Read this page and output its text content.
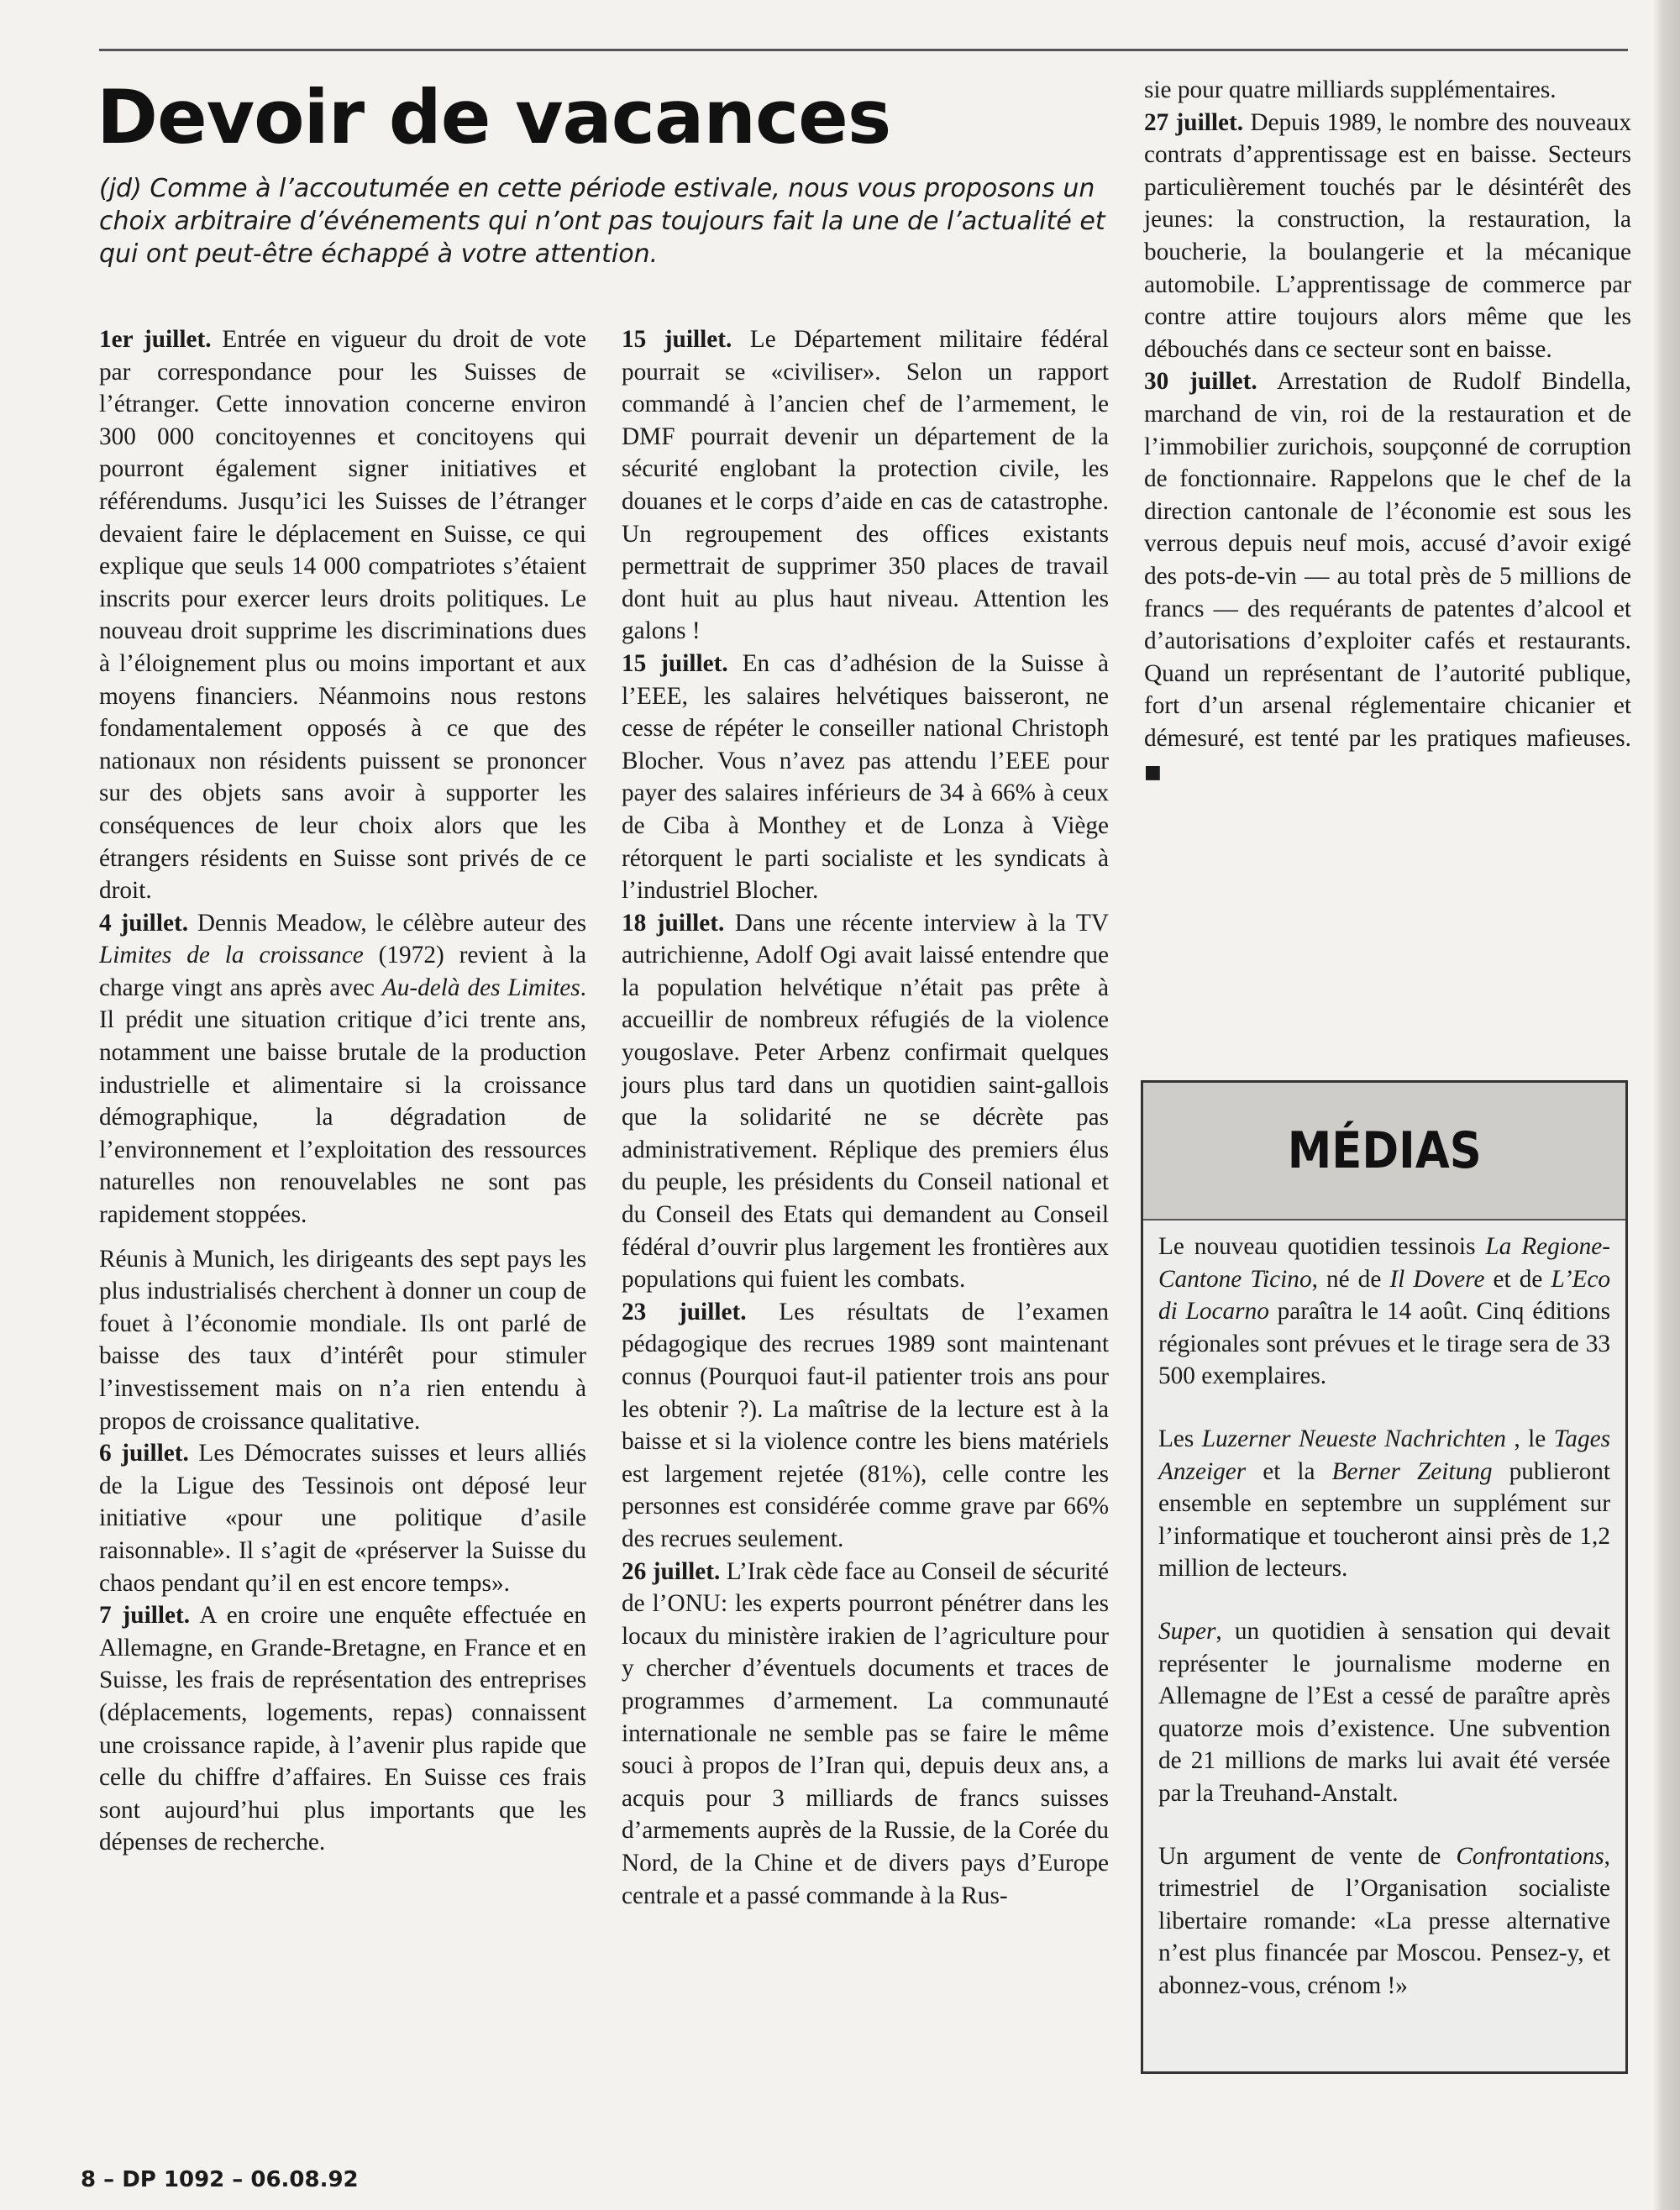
Devoir de vacances

(jd) Comme à l’accoutumée en cette période estivale, nous vous proposons un choix arbitraire d’événements qui n’ont pas toujours fait la une de l’actualité et qui ont peut-être échappé à votre attention.

1er juillet. Entrée en vigueur du droit de vote par correspondance pour les Suisses de l’étranger. Cette innovation concerne environ 300 000 concitoyennes et concitoyens qui pourront également signer initiatives et référendums. Jusqu’ici les Suisses de l’étranger devaient faire le déplacement en Suisse, ce qui explique que seuls 14 000 compatriotes s’étaient inscrits pour exercer leurs droits politiques. Le nouveau droit supprime les discriminations dues à l’éloignement plus ou moins important et aux moyens financiers. Néanmoins nous restons fondamentalement opposés à ce que des nationaux non résidents puissent se prononcer sur des objets sans avoir à supporter les conséquences de leur choix alors que les étrangers résidents en Suisse sont privés de ce droit.

4 juillet. Dennis Meadow, le célèbre auteur des Limites de la croissance (1972) revient à la charge vingt ans après avec Au-delà des Limites. Il prédit une situation critique d’ici trente ans, notamment une baisse brutale de la production industrielle et alimentaire si la croissance démographique, la dégradation de l’environnement et l’exploitation des ressources naturelles non renouvelables ne sont pas rapidement stoppées.

Réunis à Munich, les dirigeants des sept pays les plus industrialisés cherchent à donner un coup de fouet à l’économie mondiale. Ils ont parlé de baisse des taux d’intérêt pour stimuler l’investissement mais on n’a rien entendu à propos de croissance qualitative.

6 juillet. Les Démocrates suisses et leurs alliés de la Ligue des Tessinois ont déposé leur initiative «pour une politique d’asile raisonnable». Il s’agit de «préserver la Suisse du chaos pendant qu’il en est encore temps».

7 juillet. A en croire une enquête effectuée en Allemagne, en Grande-Bretagne, en France et en Suisse, les frais de représentation des entreprises (déplacements, logements, repas) connaissent une croissance rapide, à l’avenir plus rapide que celle du chiffre d’affaires. En Suisse ces frais sont aujourd’hui plus importants que les dépenses de recherche.

15 juillet. Le Département militaire fédéral pourrait se «civiliser». Selon un rapport commandé à l’ancien chef de l’armement, le DMF pourrait devenir un département de la sécurité englobant la protection civile, les douanes et le corps d’aide en cas de catastrophe. Un regroupement des offices existants permettrait de supprimer 350 places de travail dont huit au plus haut niveau. Attention les galons !

15 juillet. En cas d’adhésion de la Suisse à l’EEE, les salaires helvétiques baisseront, ne cesse de répéter le conseiller national Christoph Blocher. Vous n’avez pas attendu l’EEE pour payer des salaires inférieurs de 34 à 66% à ceux de Ciba à Monthey et de Lonza à Viège rétorquent le parti socialiste et les syndicats à l’industriel Blocher.

18 juillet. Dans une récente interview à la TV autrichienne, Adolf Ogi avait laissé entendre que la population helvétique n’était pas prête à accueillir de nombreux réfugiés de la violence yougoslave. Peter Arbenz confirmait quelques jours plus tard dans un quotidien saint-gallois que la solidarité ne se décrète pas administrativement. Réplique des premiers élus du peuple, les présidents du Conseil national et du Conseil des Etats qui demandent au Conseil fédéral d’ouvrir plus largement les frontières aux populations qui fuient les combats.

23 juillet. Les résultats de l’examen pédagogique des recrues 1989 sont maintenant connus (Pourquoi faut-il patienter trois ans pour les obtenir ?). La maîtrise de la lecture est à la baisse et si la violence contre les biens matériels est largement rejetée (81%), celle contre les personnes est considérée comme grave par 66% des recrues seulement.

26 juillet. L’Irak cède face au Conseil de sécurité de l’ONU: les experts pourront pénétrer dans les locaux du ministère irakien de l’agriculture pour y chercher d’éventuels documents et traces de programmes d’armement. La communauté internationale ne semble pas se faire le même souci à propos de l’Iran qui, depuis deux ans, a acquis pour 3 milliards de francs suisses d’armements auprès de la Russie, de la Corée du Nord, de la Chine et de divers pays d’Europe centrale et a passé commande à la Rus-

sie pour quatre milliards supplémentaires.

27 juillet. Depuis 1989, le nombre des nouveaux contrats d’apprentissage est en baisse. Secteurs particulièrement touchés par le désintérêt des jeunes: la construction, la restauration, la boucherie, la boulangerie et la mécanique automobile. L’apprentissage de commerce par contre attire toujours alors même que les débouchés dans ce secteur sont en baisse.

30 juillet. Arrestation de Rudolf Bindella, marchand de vin, roi de la restauration et de l’immobilier zurichois, soupçonné de corruption de fonctionnaire. Rappelons que le chef de la direction cantonale de l’économie est sous les verrous depuis neuf mois, accusé d’avoir exigé des pots-de-vin — au total près de 5 millions de francs — des requérants de patentes d’alcool et d’autorisations d’exploiter cafés et restaurants. Quand un représentant de l’autorité publique, fort d’un arsenal réglementaire chicanier et démesuré, est tenté par les pratiques mafieuses. ■

MÉDIAS

Le nouveau quotidien tessinois La Regione-Cantone Ticino, né de Il Dovere et de L’Eco di Locarno paraîtra le 14 août. Cinq éditions régionales sont prévues et le tirage sera de 33 500 exemplaires.

Les Luzerner Neueste Nachrichten , le Tages Anzeiger et la Berner Zeitung publieront ensemble en septembre un supplément sur l’informatique et toucheront ainsi près de 1,2 million de lecteurs.

Super, un quotidien à sensation qui devait représenter le journalisme moderne en Allemagne de l’Est a cessé de paraître après quatorze mois d’existence. Une subvention de 21 millions de marks lui avait été versée par la Treuhand-Anstalt.

Un argument de vente de Confrontations, trimestriel de l’Organisation socialiste libertaire romande: «La presse alternative n’est plus financée par Moscou. Pensez-y, et abonnez-vous, crénom !»

8 – DP 1092 – 06.08.92
